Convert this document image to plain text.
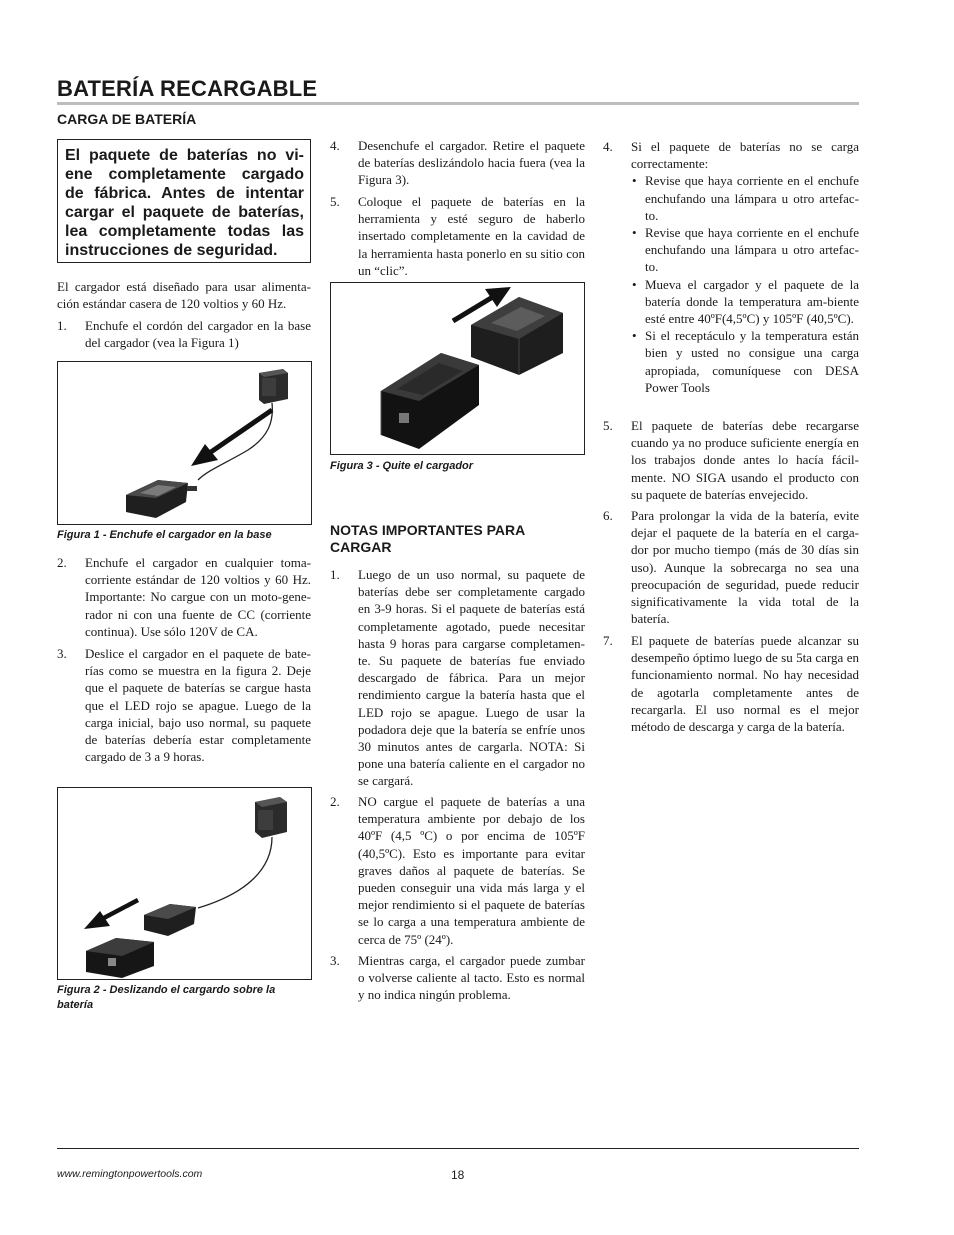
BATERÍA RECARGABLE
CARGA DE BATERÍA
El paquete de baterías no vi-ene completamente cargado de fábrica. Antes de intentar cargar el paquete de baterías, lea completamente todas las instrucciones de seguridad.

El cargador está diseñado para usar alimenta-ción estándar casera de 120 voltios y 60 Hz.

1. Enchufe el cordón del cargador en la base del cargador (vea la Figura 1)
Figura 1 - Enchufe el cargador en la base
2. Enchufe el cargador en cualquier toma-corriente estándar de 120 voltios y 60 Hz. Importante: No cargue con un moto-gene-rador ni con una fuente de CC (corriente continua). Use sólo 120V de CA.
3. Deslice el cargador en el paquete de bate-rías como se muestra en la figura 2. Deje que el paquete de baterías se cargue hasta que el LED rojo se apague. Luego de la carga inicial, bajo uso normal, su paquete de baterías debería estar completamente cargado de 3 a 9 horas.
Figura 2 - Deslizando el cargardo sobre la batería
4. Desenchufe el cargador. Retire el paquete de baterías deslizándolo hacia fuera (vea la Figura 3).
5. Coloque el paquete de baterías en la herramienta y esté seguro de haberlo insertado completamente en la cavidad de la herramienta hasta ponerlo en su sitio con un “clic”.
Figura 3 - Quite el cargador
NOTAS IMPORTANTES PARA CARGAR
1. Luego de un uso normal, su paquete de baterías debe ser completamente cargado en 3-9 horas. Si el paquete de baterías está completamente agotado, puede necesitar hasta 9 horas para cargarse completamen-te. Su paquete de baterías fue enviado descargado de fábrica. Para un mejor rendimiento cargue la batería hasta que el LED rojo se apague. Luego de usar la podadora deje que la batería se enfríe unos 30 minutos antes de cargarla. NOTA: Si pone una batería caliente en el cargador no se cargará.
2. NO cargue el paquete de baterías a una temperatura ambiente por debajo de los 40ºF (4,5 ºC) o por encima de 105ºF (40,5ºC). Esto es importante para evitar graves daños al paquete de baterías. Se pueden conseguir una vida más larga y el mejor rendimiento si el paquete de baterías se lo carga a una temperatura ambiente de cerca de 75º (24º).
3. Mientras carga, el cargador puede zumbar o volverse caliente al tacto. Esto es normal y no indica ningún problema.
4. Si el paquete de baterías no se carga correctamente:
• Revise que haya corriente en el enchufe enchufando una lámpara u otro artefac-to.
• Revise que haya corriente en el enchufe enchufando una lámpara u otro artefac-to.
• Mueva el cargador y el paquete de la batería donde la temperatura am-biente esté entre 40ºF(4,5ºC) y 105ºF (40,5ºC).
• Si el receptáculo y la temperatura están bien y usted no consigue una carga apropiada, comuníquese con DESA Power Tools
5. El paquete de baterías debe recargarse cuando ya no produce suficiente energía en los trabajos donde antes lo hacía fácil-mente. NO SIGA usando el producto con su paquete de baterías envejecido.
6. Para prolongar la vida de la batería, evite dejar el paquete de la batería en el carga-dor por mucho tiempo (más de 30 días sin uso). Aunque la sobrecarga no sea una preocupación de seguridad, puede reducir significativamente la vida total de la batería.
7. El paquete de baterías puede alcanzar su desempeño óptimo luego de su 5ta carga en funcionamiento normal. No hay necesidad de agotarla completamente antes de recargarla. El uso normal es el mejor método de descarga y carga de la batería.
www.remingtonpowertools.com	18
